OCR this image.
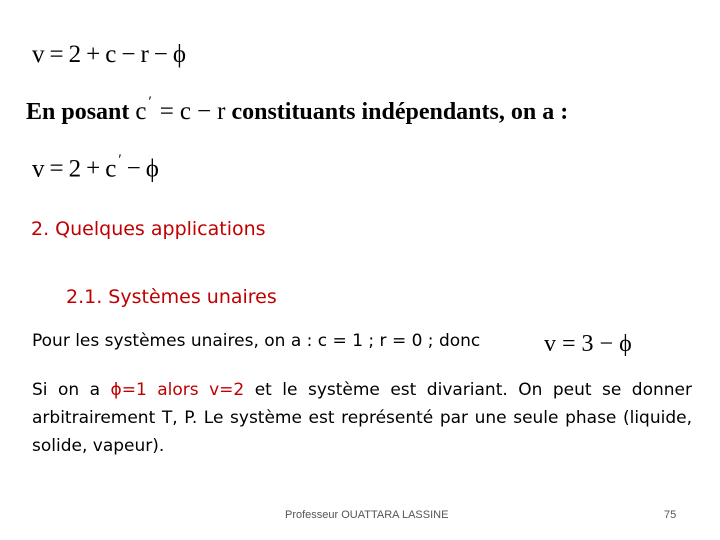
v = 2 + c − r − ϕ
En posant c ′ = c − r constituants indépendants, on a :
v = 2 + c ′ − ϕ
2. Quelques applications
2.1. Systèmes unaires
Pour les systèmes unaires, on a : c = 1 ; r = 0 ; donc	v = 3 − ϕ
Si on a ϕ=1 alors v=2 et le système est divariant. On peut se donner arbitrairement T, P. Le système est représenté par une seule phase (liquide, solide, vapeur).
Professeur OUATTARA LASSINE	75
